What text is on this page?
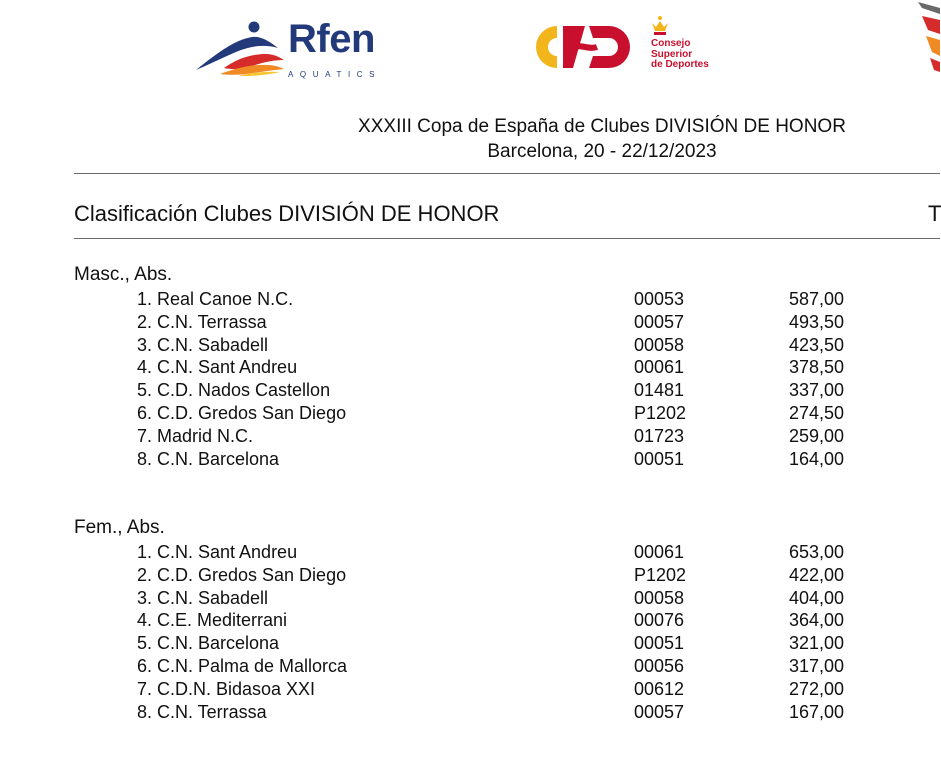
Rfen
AQUATICS
Consejo
Superior
de Deportes
XXXIII Copa de España de Clubes DIVISIÓN DE HONOR
Barcelona, 20 - 22/12/2023
Clasificación Clubes DIVISIÓN DE HONOR	T
Masc., Abs.
1. Real Canoe N.C.	00053	587,00
2. C.N. Terrassa	00057	493,50
3. C.N. Sabadell	00058	423,50
4. C.N. Sant Andreu	00061	378,50
5. C.D. Nados Castellon	01481	337,00
6. C.D. Gredos San Diego	P1202	274,50
7. Madrid N.C.	01723	259,00
8. C.N. Barcelona	00051	164,00
Fem., Abs.
1. C.N. Sant Andreu	00061	653,00
2. C.D. Gredos San Diego	P1202	422,00
3. C.N. Sabadell	00058	404,00
4. C.E. Mediterrani	00076	364,00
5. C.N. Barcelona	00051	321,00
6. C.N. Palma de Mallorca	00056	317,00
7. C.D.N. Bidasoa XXI	00612	272,00
8. C.N. Terrassa	00057	167,00
